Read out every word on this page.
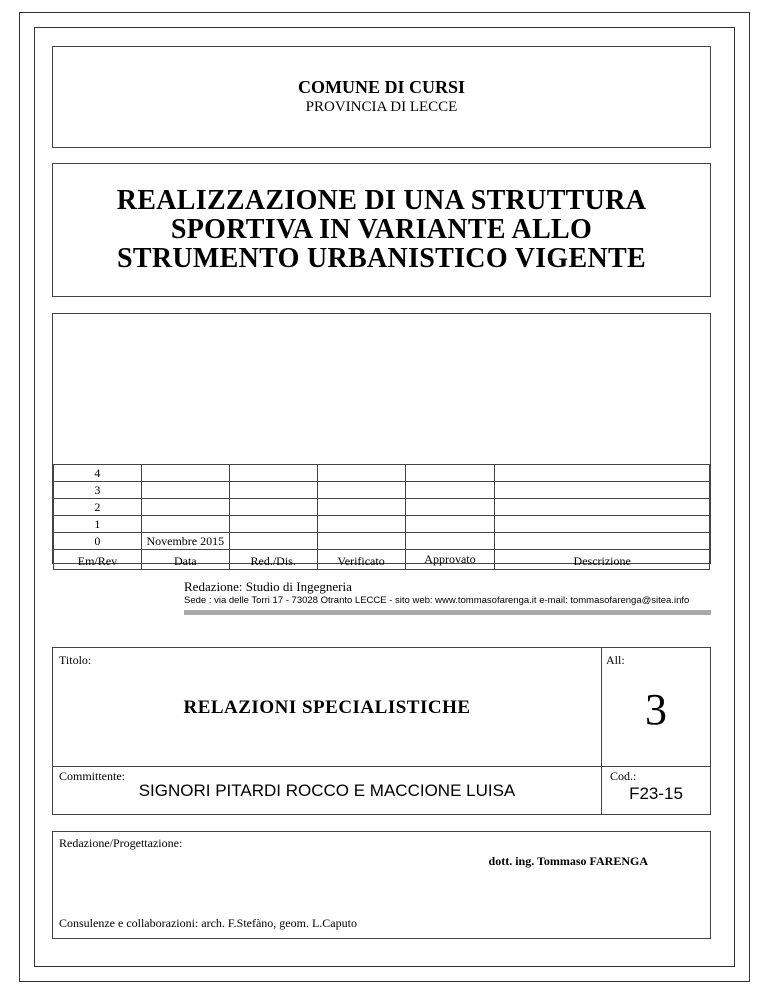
COMUNE DI CURSI
PROVINCIA DI LECCE
REALIZZAZIONE DI UNA STRUTTURA
SPORTIVA IN VARIANTE ALLO
STRUMENTO URBANISTICO VIGENTE
4					
3					
2					
1					
0	Novembre 2015				
Em/Rev	Data	Red./Dis.	Verificato	Approvato	Descrizione
Redazione: Studio di Ingegneria
Sede : via delle Torri 17 - 73028 Otranto LECCE - sito web: www.tommasofarenga.it e-mail: tommasofarenga@sitea.info
Titolo:	All:
RELAZIONI SPECIALISTICHE	3
Committente:	Cod.:
SIGNORI PITARDI ROCCO E MACCIONE LUISA	F23-15
Redazione/Progettazione:
dott. ing. Tommaso FARENGA
Consulenze e collaborazioni: arch. F.Stefàno, geom. L.Caputo
